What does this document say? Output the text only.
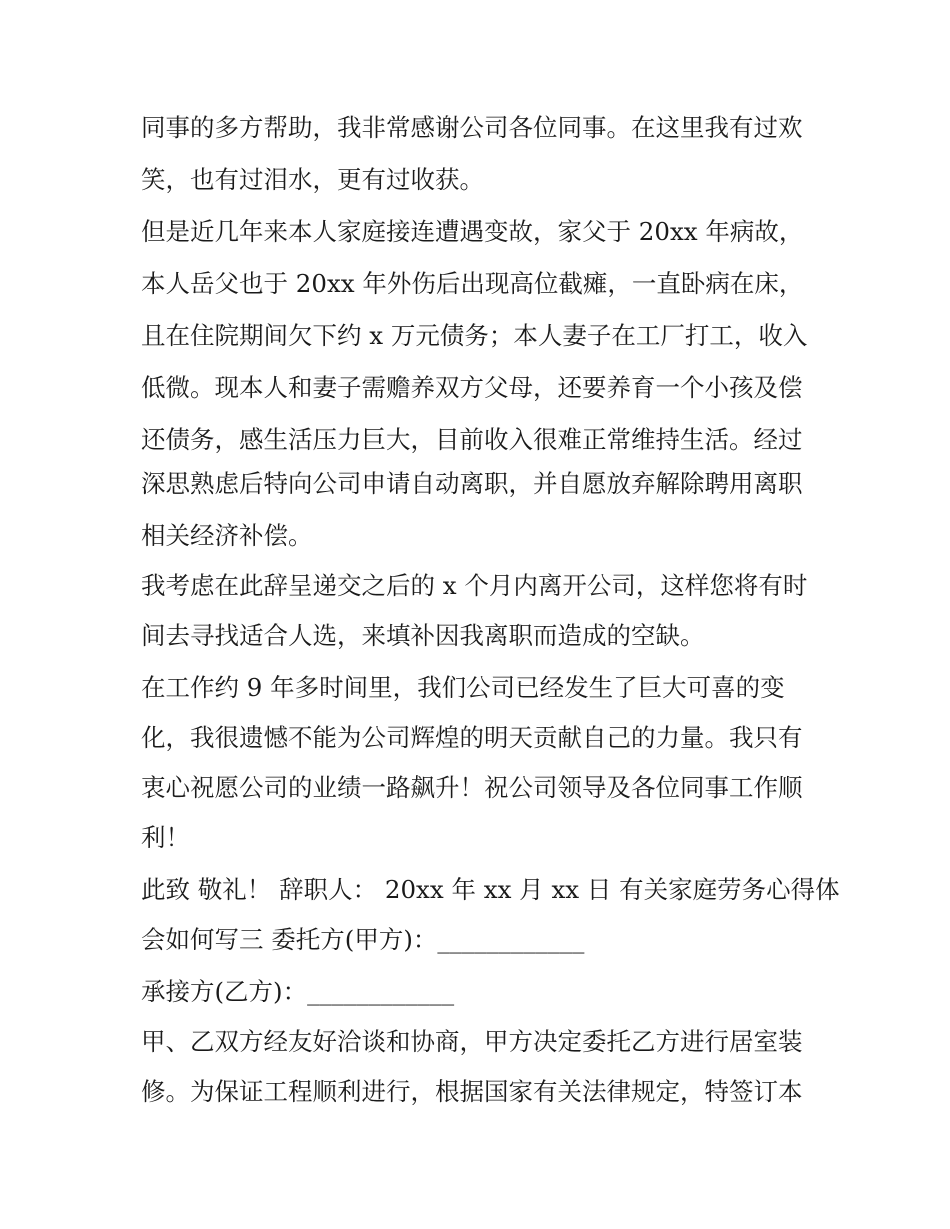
同事的多方帮助，我非常感谢公司各位同事。在这里我有过欢
笑，也有过泪水，更有过收获。
但是近几年来本人家庭接连遭遇变故，家父于 20xx 年病故，
本人岳父也于 20xx 年外伤后出现高位截瘫，一直卧病在床，
且在住院期间欠下约 x 万元债务；本人妻子在工厂打工，收入
低微。现本人和妻子需赡养双方父母，还要养育一个小孩及偿
还债务，感生活压力巨大，目前收入很难正常维持生活。经过
深思熟虑后特向公司申请自动离职，并自愿放弃解除聘用离职
相关经济补偿。
我考虑在此辞呈递交之后的 x 个月内离开公司，这样您将有时
间去寻找适合人选，来填补因我离职而造成的空缺。
在工作约 9 年多时间里，我们公司已经发生了巨大可喜的变
化，我很遗憾不能为公司辉煌的明天贡献自己的力量。我只有
衷心祝愿公司的业绩一路飙升！祝公司领导及各位同事工作顺
利！
此致 敬礼！ 辞职人： 20xx 年 xx 月 xx 日 有关家庭劳务心得体
会如何写三 委托方(甲方)：____________
承接方(乙方)：____________
甲、乙双方经友好洽谈和协商，甲方决定委托乙方进行居室装
修。为保证工程顺利进行，根据国家有关法律规定，特签订本
